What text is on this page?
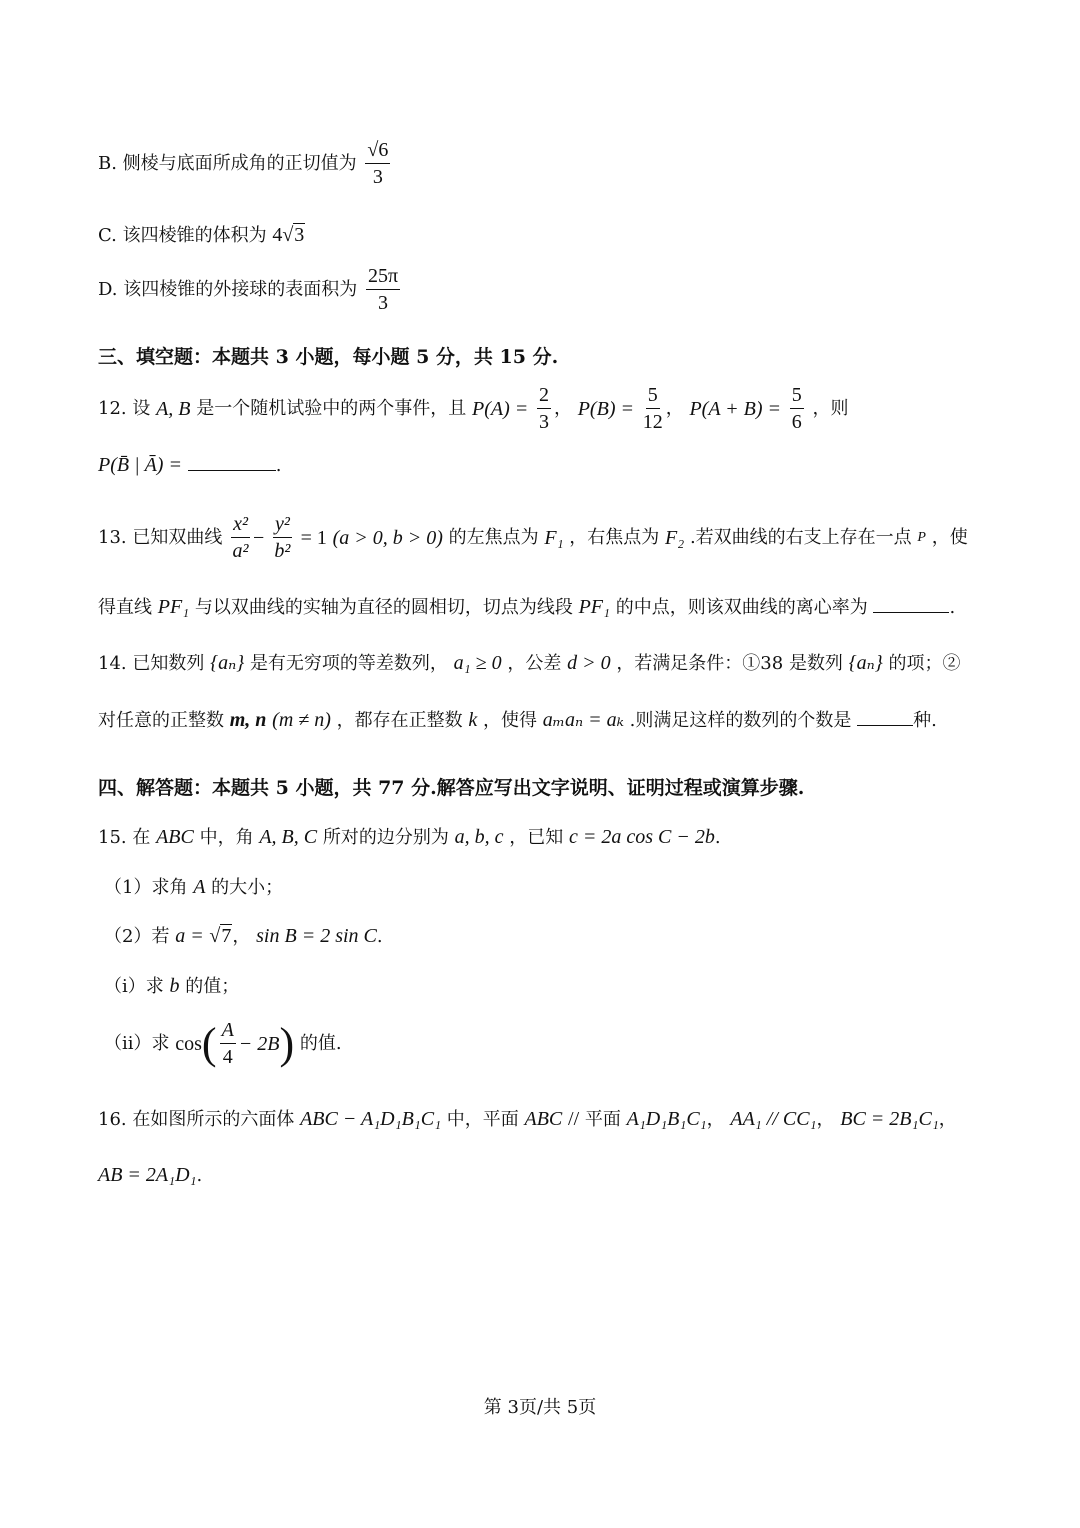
B. 侧棱与底面所成角的正切值为 $\frac{√6}{3}$
C. 该四棱锥的体积为 4√3
D. 该四棱锥的外接球的表面积为 $\frac{25\pi}{3}$
三、填空题：本题共 3 小题，每小题 5 分，共 15 分.
12. 设 A, B 是一个随机试验中的两个事件，且 $P(A) = \frac{2}{3}$ ， $P(B) = \frac{5}{12}$ ， $P(A + B) = \frac{5}{6}$ ，则
P(B̄ | Ā) =	.
13. 已知双曲线 $\frac{\text{x²}}{\text{a²}} - \frac{\text{y²}}{\text{b²}} = 1$ (a > 0, b > 0) 的左焦点为 F₁ ，右焦点为 F₂ .若双曲线的右支上存在一点 P ，使
得直线 PF₁ 与以双曲线的实轴为直径的圆相切，切点为线段 PF₁ 的中点，则该双曲线的离心率为	.
14. 已知数列 {aₙ} 是有无穷项的等差数列， a₁ ≥ 0 ，公差 d > 0 ，若满足条件：①38 是数列 {aₙ} 的项；②
对任意的正整数 m, n (m ≠ n) ，都存在正整数 k ，使得 aₘaₙ = aₖ .则满足这样的数列的个数是	种.
四、解答题：本题共 5 小题，共 77 分.解答应写出文字说明、证明过程或演算步骤.
15. 在 ABC 中，角 A, B, C 所对的边分别为 a, b, c ，已知 c = 2a cos C − 2b.
（1）求角 A 的大小；
（2）若 a = √7， sin B = 2 sin C.
（ⅰ）求 b 的值；
（ⅱ）求 $\cos( \frac{A}{4} - 2B)$ 的值.
16. 在如图所示的六面体 ABC − A₁D₁B₁C₁ 中，平面 ABC // 平面 A₁D₁B₁C₁， AA₁ // CC₁， BC = 2B₁C₁，
AB = 2A₁D₁.
第 3页/共 5页
